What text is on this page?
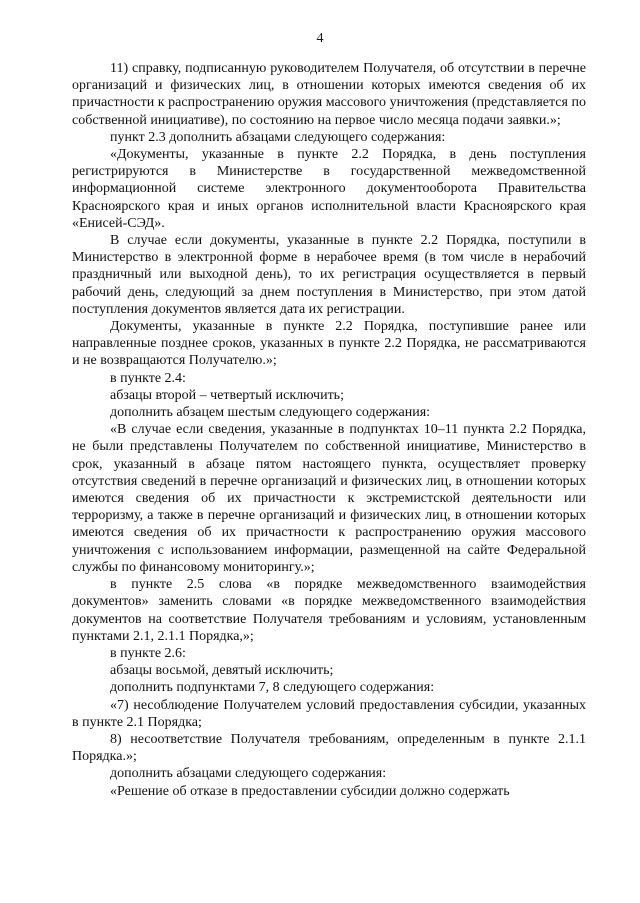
4

11) справку, подписанную руководителем Получателя, об отсутствии в перечне организаций и физических лиц, в отношении которых имеются сведения об их причастности к распространению оружия массового уничтожения (представляется по собственной инициативе), по состоянию на первое число месяца подачи заявки.»;

пункт 2.3 дополнить абзацами следующего содержания:

«Документы, указанные в пункте 2.2 Порядка, в день поступления регистрируются в Министерстве в государственной межведомственной информационной системе электронного документооборота Правительства Красноярского края и иных органов исполнительной власти Красноярского края «Енисей-СЭД».

В случае если документы, указанные в пункте 2.2 Порядка, поступили в Министерство в электронной форме в нерабочее время (в том числе в нерабочий праздничный или выходной день), то их регистрация осуществляется в первый рабочий день, следующий за днем поступления в Министерство, при этом датой поступления документов является дата их регистрации.

Документы, указанные в пункте 2.2 Порядка, поступившие ранее или направленные позднее сроков, указанных в пункте 2.2 Порядка, не рассматриваются и не возвращаются Получателю.»;

в пункте 2.4:

абзацы второй – четвертый исключить;

дополнить абзацем шестым следующего содержания:

«В случае если сведения, указанные в подпунктах 10–11 пункта 2.2 Порядка, не были представлены Получателем по собственной инициативе, Министерство в срок, указанный в абзаце пятом настоящего пункта, осуществляет проверку отсутствия сведений в перечне организаций и физических лиц, в отношении которых имеются сведения об их причастности к экстремистской деятельности или терроризму, а также в перечне организаций и физических лиц, в отношении которых имеются сведения об их причастности к распространению оружия массового уничтожения с использованием информации, размещенной на сайте Федеральной службы по финансовому мониторингу.»;

в пункте 2.5 слова «в порядке межведомственного взаимодействия документов» заменить словами «в порядке межведомственного взаимодействия документов на соответствие Получателя требованиям и условиям, установленным пунктами 2.1, 2.1.1 Порядка,»;

в пункте 2.6:

абзацы восьмой, девятый исключить;

дополнить подпунктами 7, 8 следующего содержания:

«7) несоблюдение Получателем условий предоставления субсидии, указанных в пункте 2.1 Порядка;

8) несоответствие Получателя требованиям, определенным в пункте 2.1.1 Порядка.»;

дополнить абзацами следующего содержания:

«Решение об отказе в предоставлении субсидии должно содержать
